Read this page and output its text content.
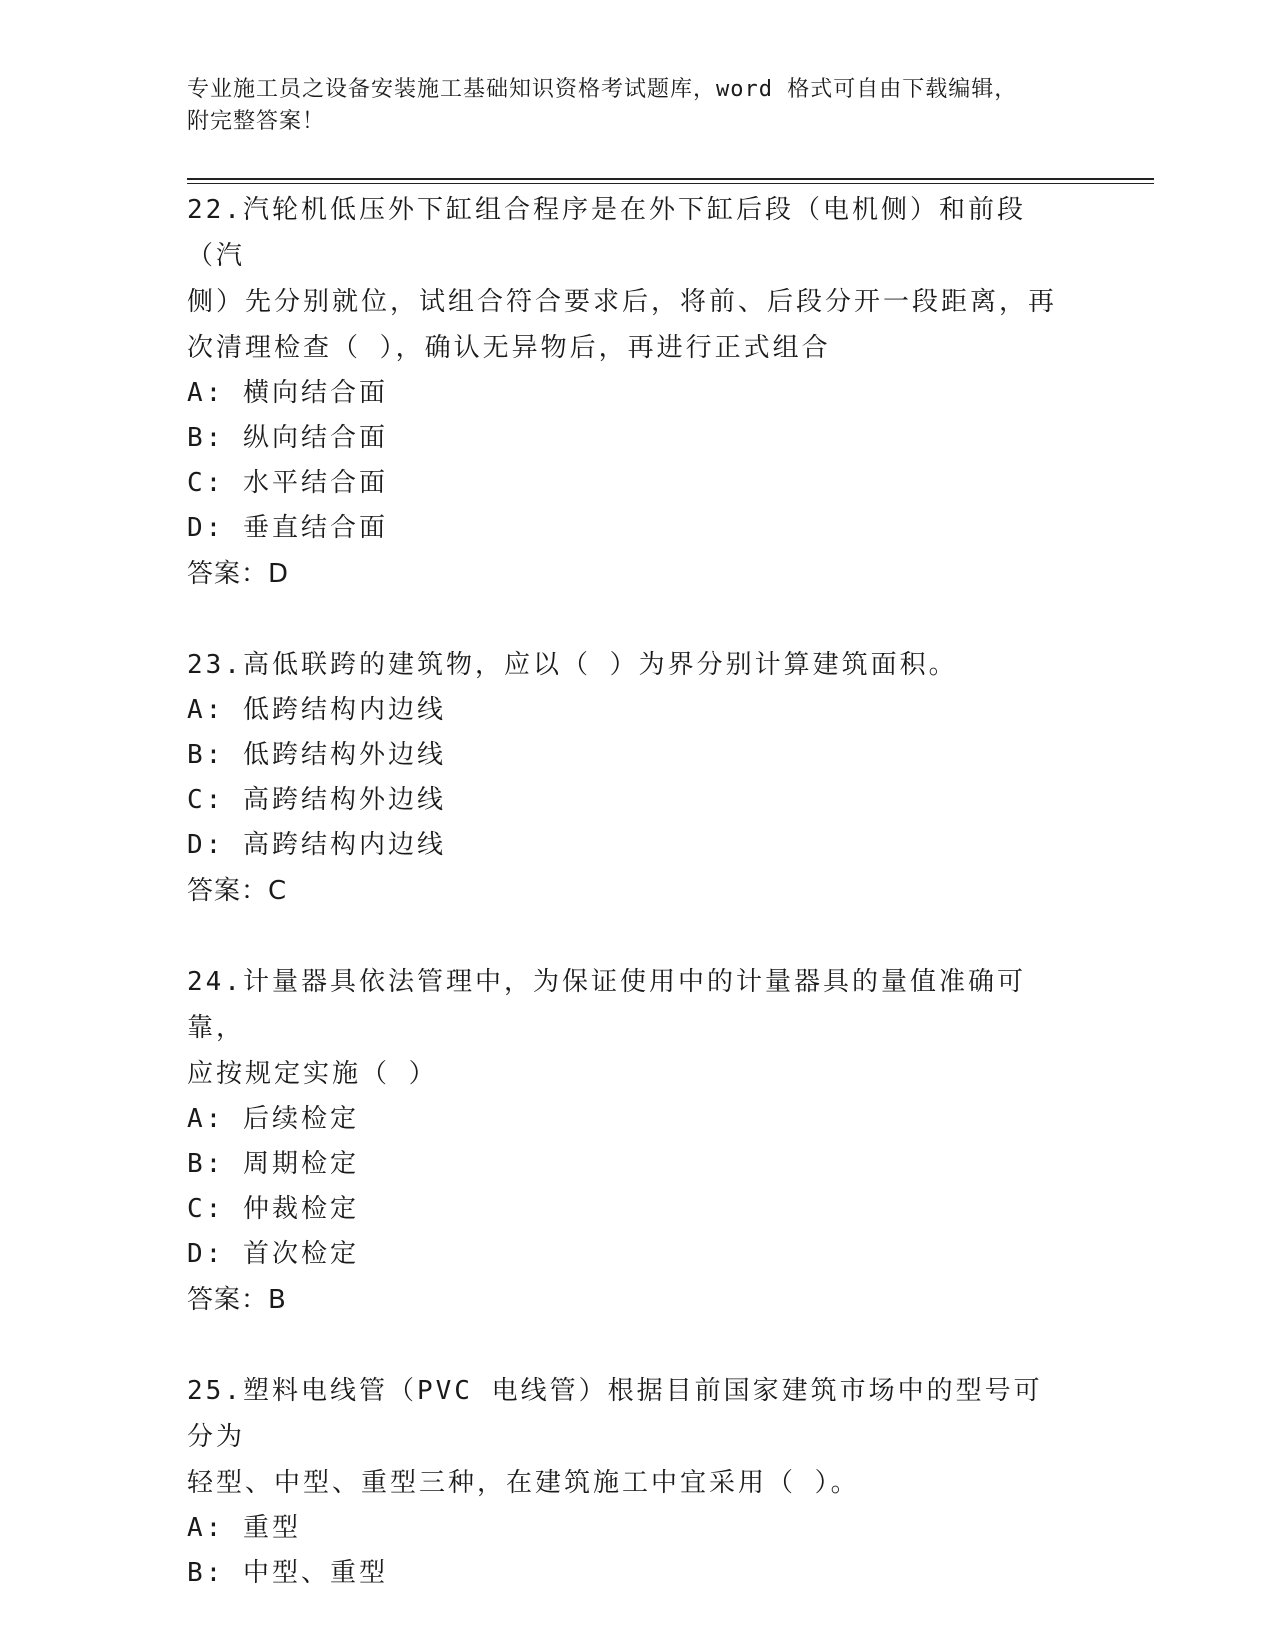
专业施工员之设备安装施工基础知识资格考试题库，word 格式可自由下载编辑，
附完整答案！
22.汽轮机低压外下缸组合程序是在外下缸后段（电机侧）和前段（汽
侧）先分别就位，试组合符合要求后，将前、后段分开一段距离，再
次清理检查（ ），确认无异物后，再进行正式组合
A: 横向结合面
B: 纵向结合面
C: 水平结合面
D: 垂直结合面
答案：D
23.高低联跨的建筑物，应以（ ）为界分别计算建筑面积。
A: 低跨结构内边线
B: 低跨结构外边线
C: 高跨结构外边线
D: 高跨结构内边线
答案：C
24.计量器具依法管理中，为保证使用中的计量器具的量值准确可靠，
应按规定实施（ ）
A: 后续检定
B: 周期检定
C: 仲裁检定
D: 首次检定
答案：B
25.塑料电线管（PVC 电线管）根据目前国家建筑市场中的型号可分为
轻型、中型、重型三种，在建筑施工中宜采用（ ）。
A: 重型
B: 中型、重型
